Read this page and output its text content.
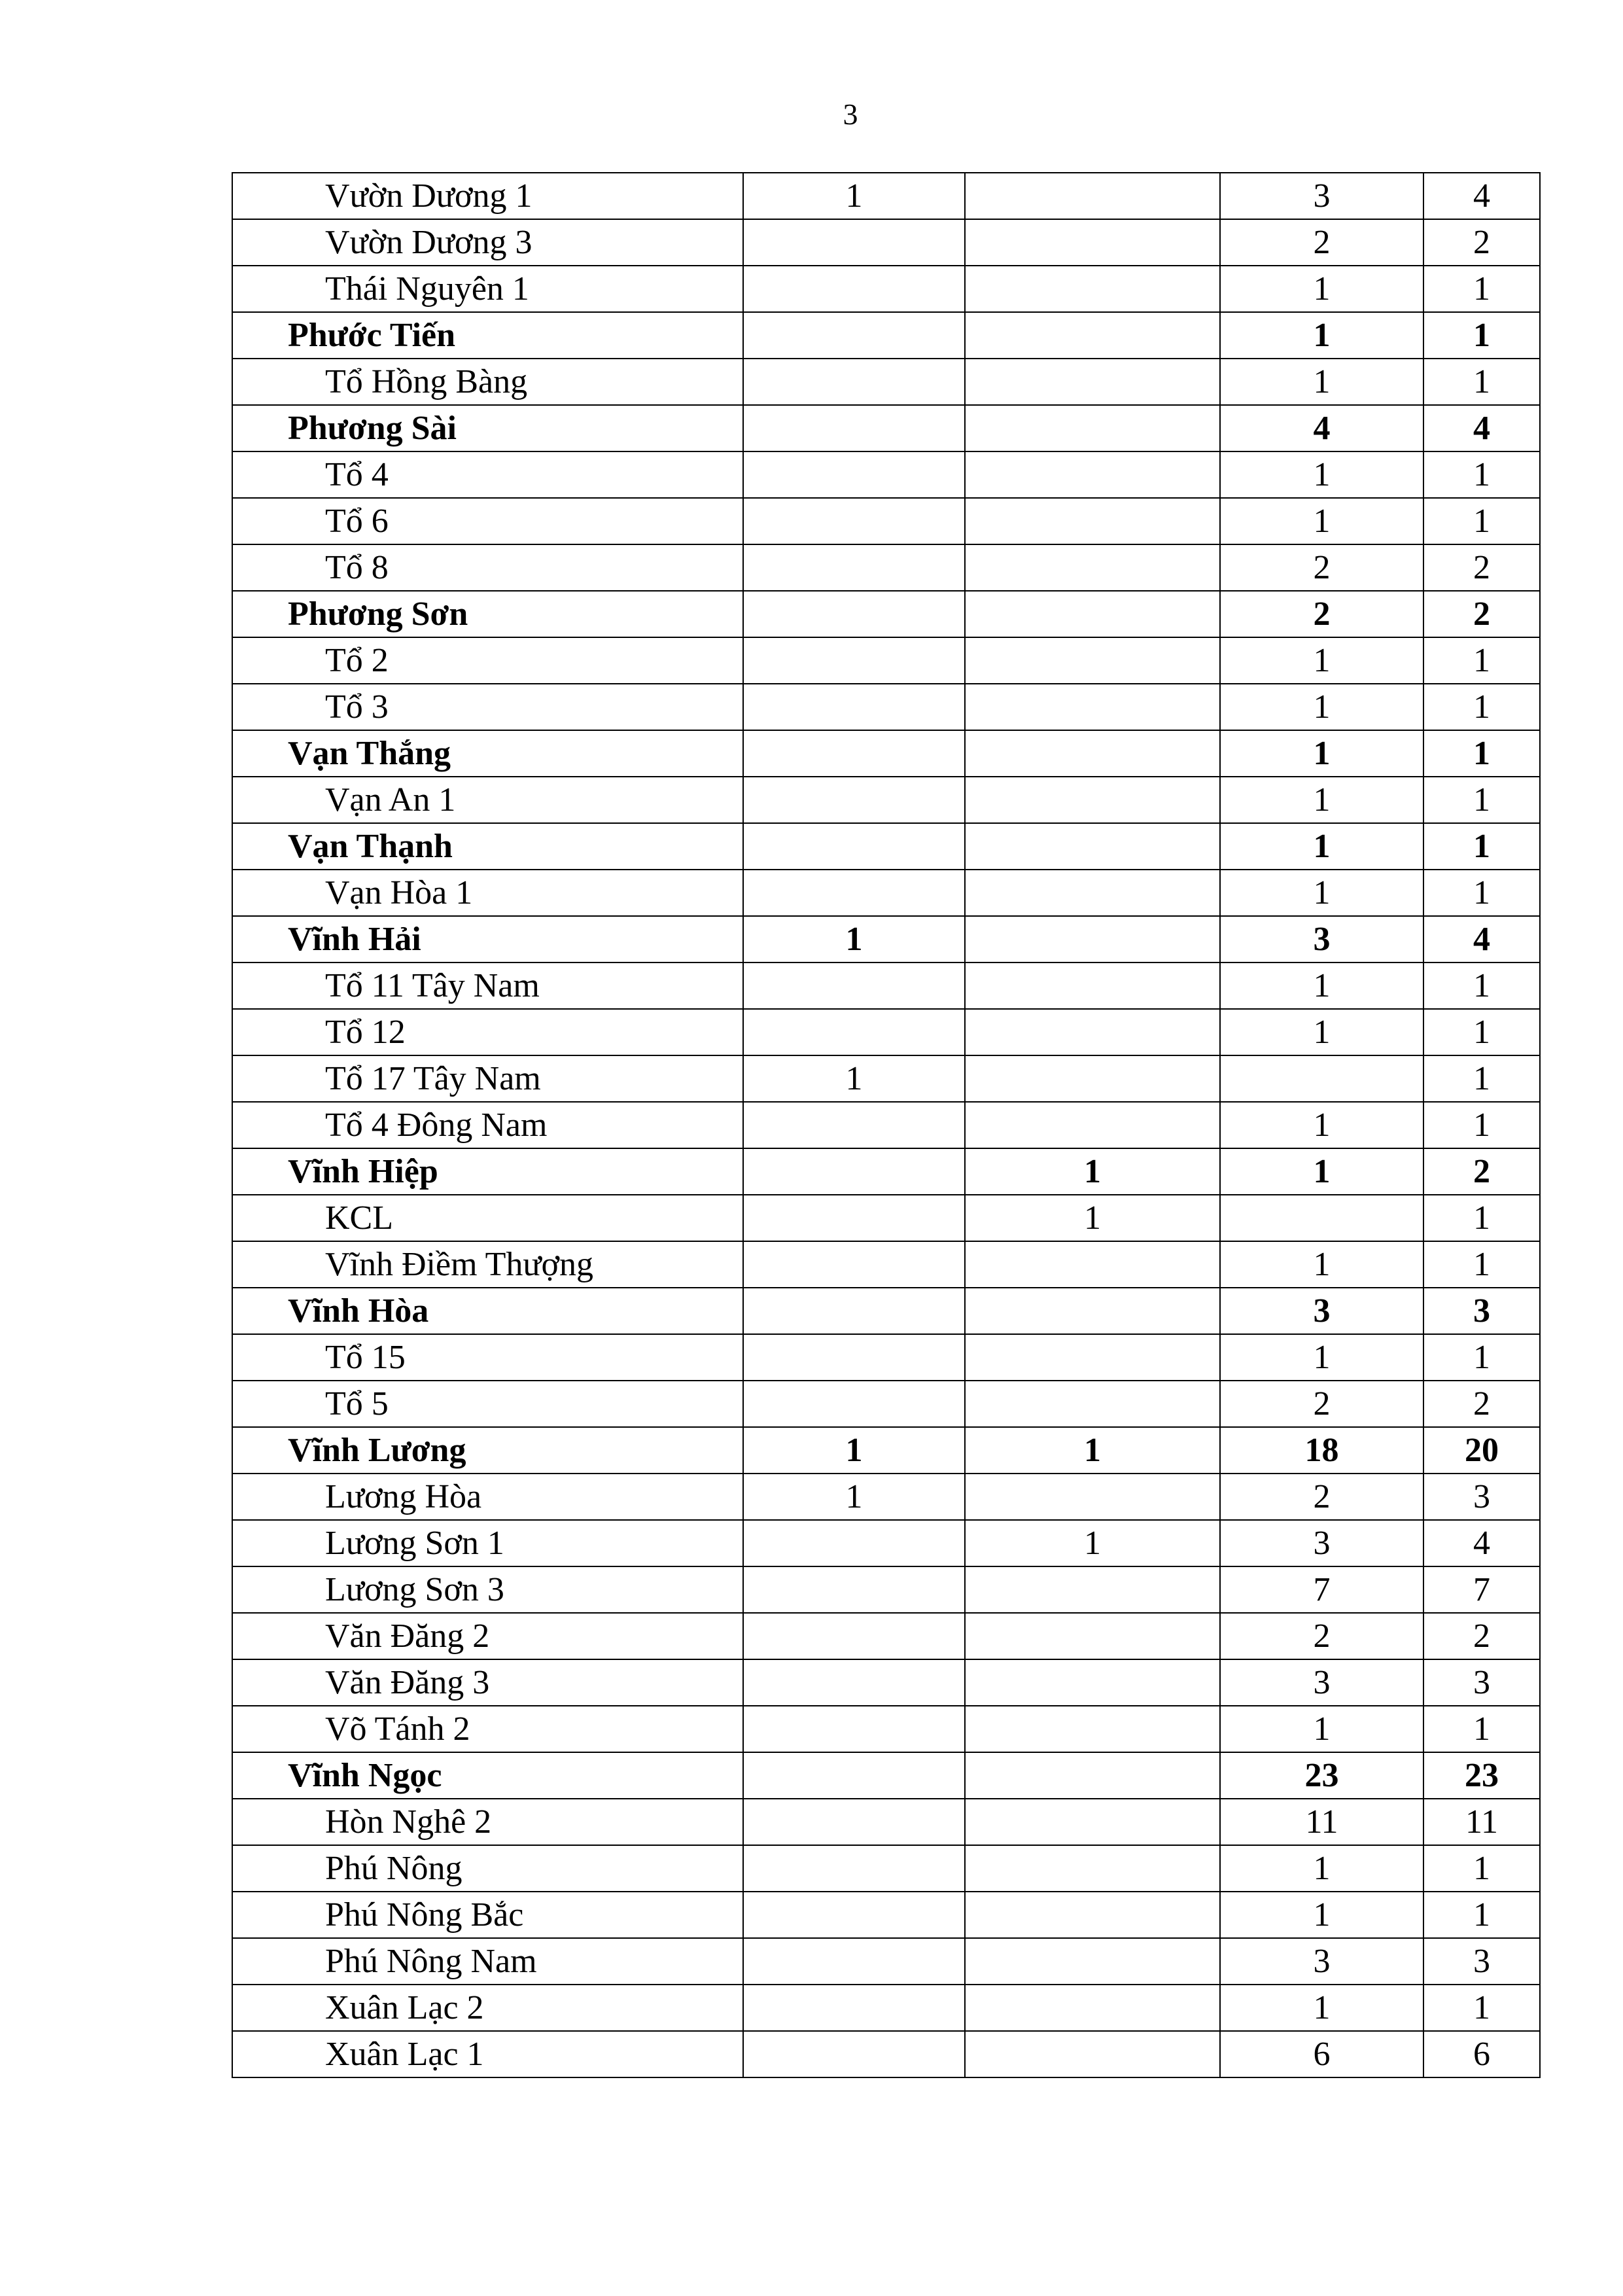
3
Vườn Dương 1	1		3	4
Vườn Dương 3			2	2
Thái Nguyên 1			1	1
Phước Tiến			1	1
Tổ Hồng Bàng			1	1
Phương Sài			4	4
Tổ 4			1	1
Tổ 6			1	1
Tổ 8			2	2
Phương Sơn			2	2
Tổ 2			1	1
Tổ 3			1	1
Vạn Thắng			1	1
Vạn An 1			1	1
Vạn Thạnh			1	1
Vạn Hòa 1			1	1
Vĩnh Hải	1		3	4
Tổ 11 Tây Nam			1	1
Tổ 12			1	1
Tổ 17 Tây Nam	1			1
Tổ 4 Đông Nam			1	1
Vĩnh Hiệp		1	1	2
KCL		1		1
Vĩnh Điềm Thượng			1	1
Vĩnh Hòa			3	3
Tổ 15			1	1
Tổ 5			2	2
Vĩnh Lương	1	1	18	20
Lương Hòa	1		2	3
Lương Sơn 1		1	3	4
Lương Sơn 3			7	7
Văn Đăng 2			2	2
Văn Đăng 3			3	3
Võ Tánh 2			1	1
Vĩnh Ngọc			23	23
Hòn Nghê 2			11	11
Phú Nông			1	1
Phú Nông Bắc			1	1
Phú Nông Nam			3	3
Xuân Lạc 2			1	1
Xuân Lạc 1			6	6
